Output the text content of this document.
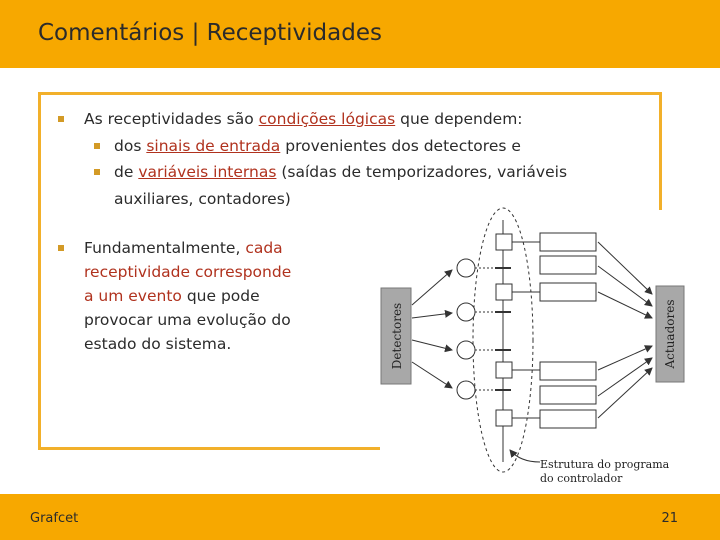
Comentários | Receptividades
As receptividades são condições lógicas que dependem:
dos sinais de entrada provenientes dos detectores e
de variáveis internas (saídas de temporizadores, variáveis
auxiliares, contadores)
Fundamentalmente, cada
receptividade corresponde
a um evento que pode
provocar uma evolução do
estado do sistema.	Detectores	Actuadores
Estrutura do programa
do controlador
Grafcet	21
